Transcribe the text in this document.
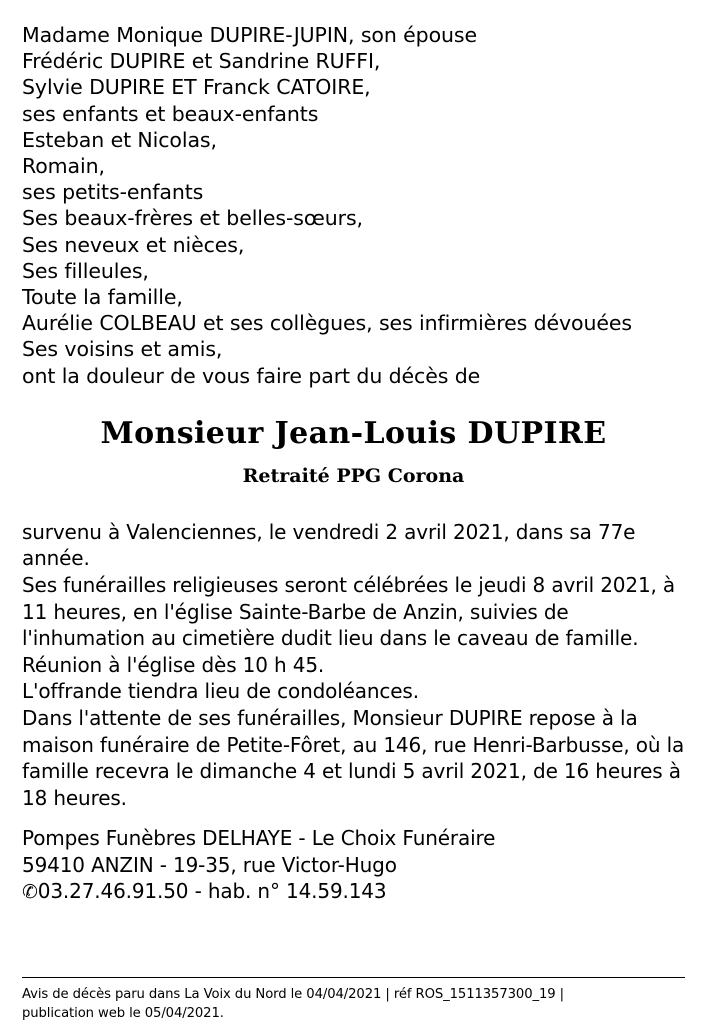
Madame Monique DUPIRE-JUPIN, son épouse
Frédéric DUPIRE et Sandrine RUFFI,
Sylvie DUPIRE ET Franck CATOIRE,
ses enfants et beaux-enfants
Esteban et Nicolas,
Romain,
ses petits-enfants
Ses beaux-frères et belles-sœurs,
Ses neveux et nièces,
Ses filleules,
Toute la famille,
Aurélie COLBEAU et ses collègues, ses infirmières dévouées
Ses voisins et amis,
ont la douleur de vous faire part du décès de
Monsieur Jean-Louis DUPIRE
Retraité PPG Corona
survenu à Valenciennes, le vendredi 2 avril 2021, dans sa 77e année.
Ses funérailles religieuses seront célébrées le jeudi 8 avril 2021, à 11 heures, en l'église Sainte-Barbe de Anzin, suivies de l'inhumation au cimetière dudit lieu dans le caveau de famille.
Réunion à l'église dès 10 h 45.
L'offrande tiendra lieu de condoléances.
Dans l'attente de ses funérailles, Monsieur DUPIRE repose à la maison funéraire de Petite-Fôret, au 146, rue Henri-Barbusse, où la famille recevra le dimanche 4 et lundi 5 avril 2021, de 16 heures à 18 heures.
Pompes Funèbres DELHAYE - Le Choix Funéraire
59410 ANZIN - 19-35, rue Victor-Hugo
✆03.27.46.91.50 - hab. n° 14.59.143
Avis de décès paru dans La Voix du Nord le 04/04/2021 | réf ROS_1511357300_19 |
publication web le 05/04/2021.
